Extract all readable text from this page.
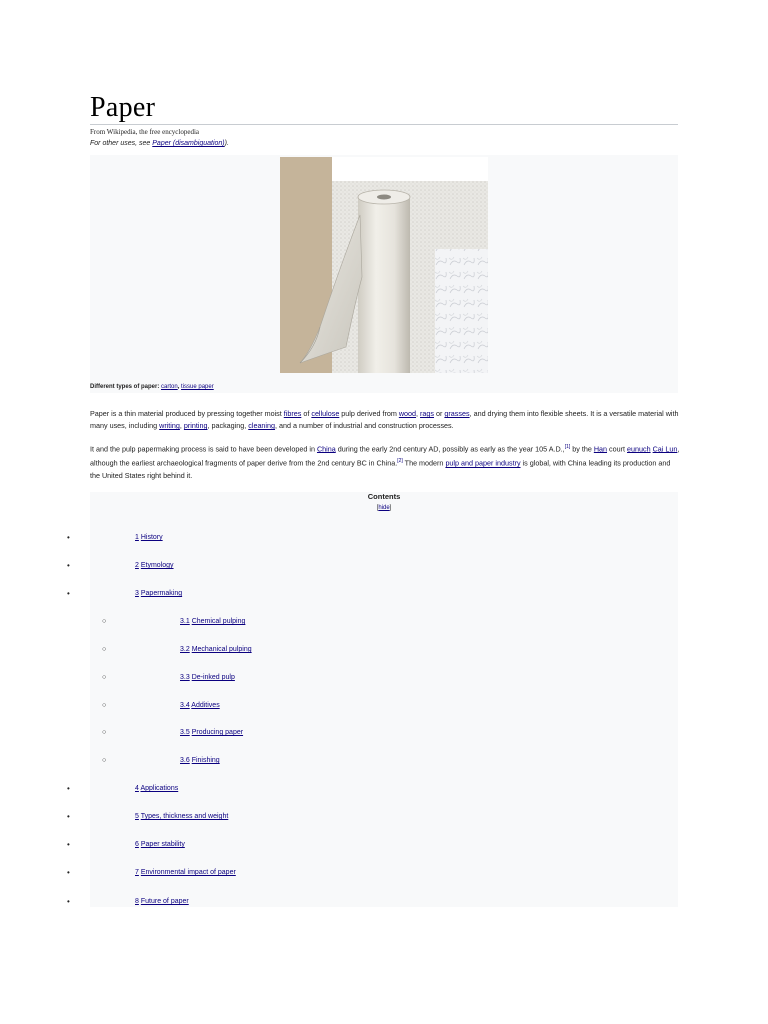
Paper
From Wikipedia, the free encyclopedia
For other uses, see Paper (disambiguation)).
Different types of paper: carton, tissue paper

Paper is a thin material produced by pressing together moist fibres of cellulose pulp derived from wood, rags or grasses, and drying them into flexible sheets. It is a versatile material with many uses, including writing, printing, packaging, cleaning, and a number of industrial and construction processes.

It and the pulp papermaking process is said to have been developed in China during the early 2nd century AD, possibly as early as the year 105 A.D.,[1] by the Han court eunuch Cai Lun, although the earliest archaeological fragments of paper derive from the 2nd century BC in China.[2] The modern pulp and paper industry is global, with China leading its production and the United States right behind it.

Contents
[hide]
•	1 History
•	2 Etymology
•	3 Papermaking
○	3.1 Chemical pulping
○	3.2 Mechanical pulping
○	3.3 De-inked pulp
○	3.4 Additives
○	3.5 Producing paper
○	3.6 Finishing
•	4 Applications
•	5 Types, thickness and weight
•	6 Paper stability
•	7 Environmental impact of paper
•	8 Future of paper
